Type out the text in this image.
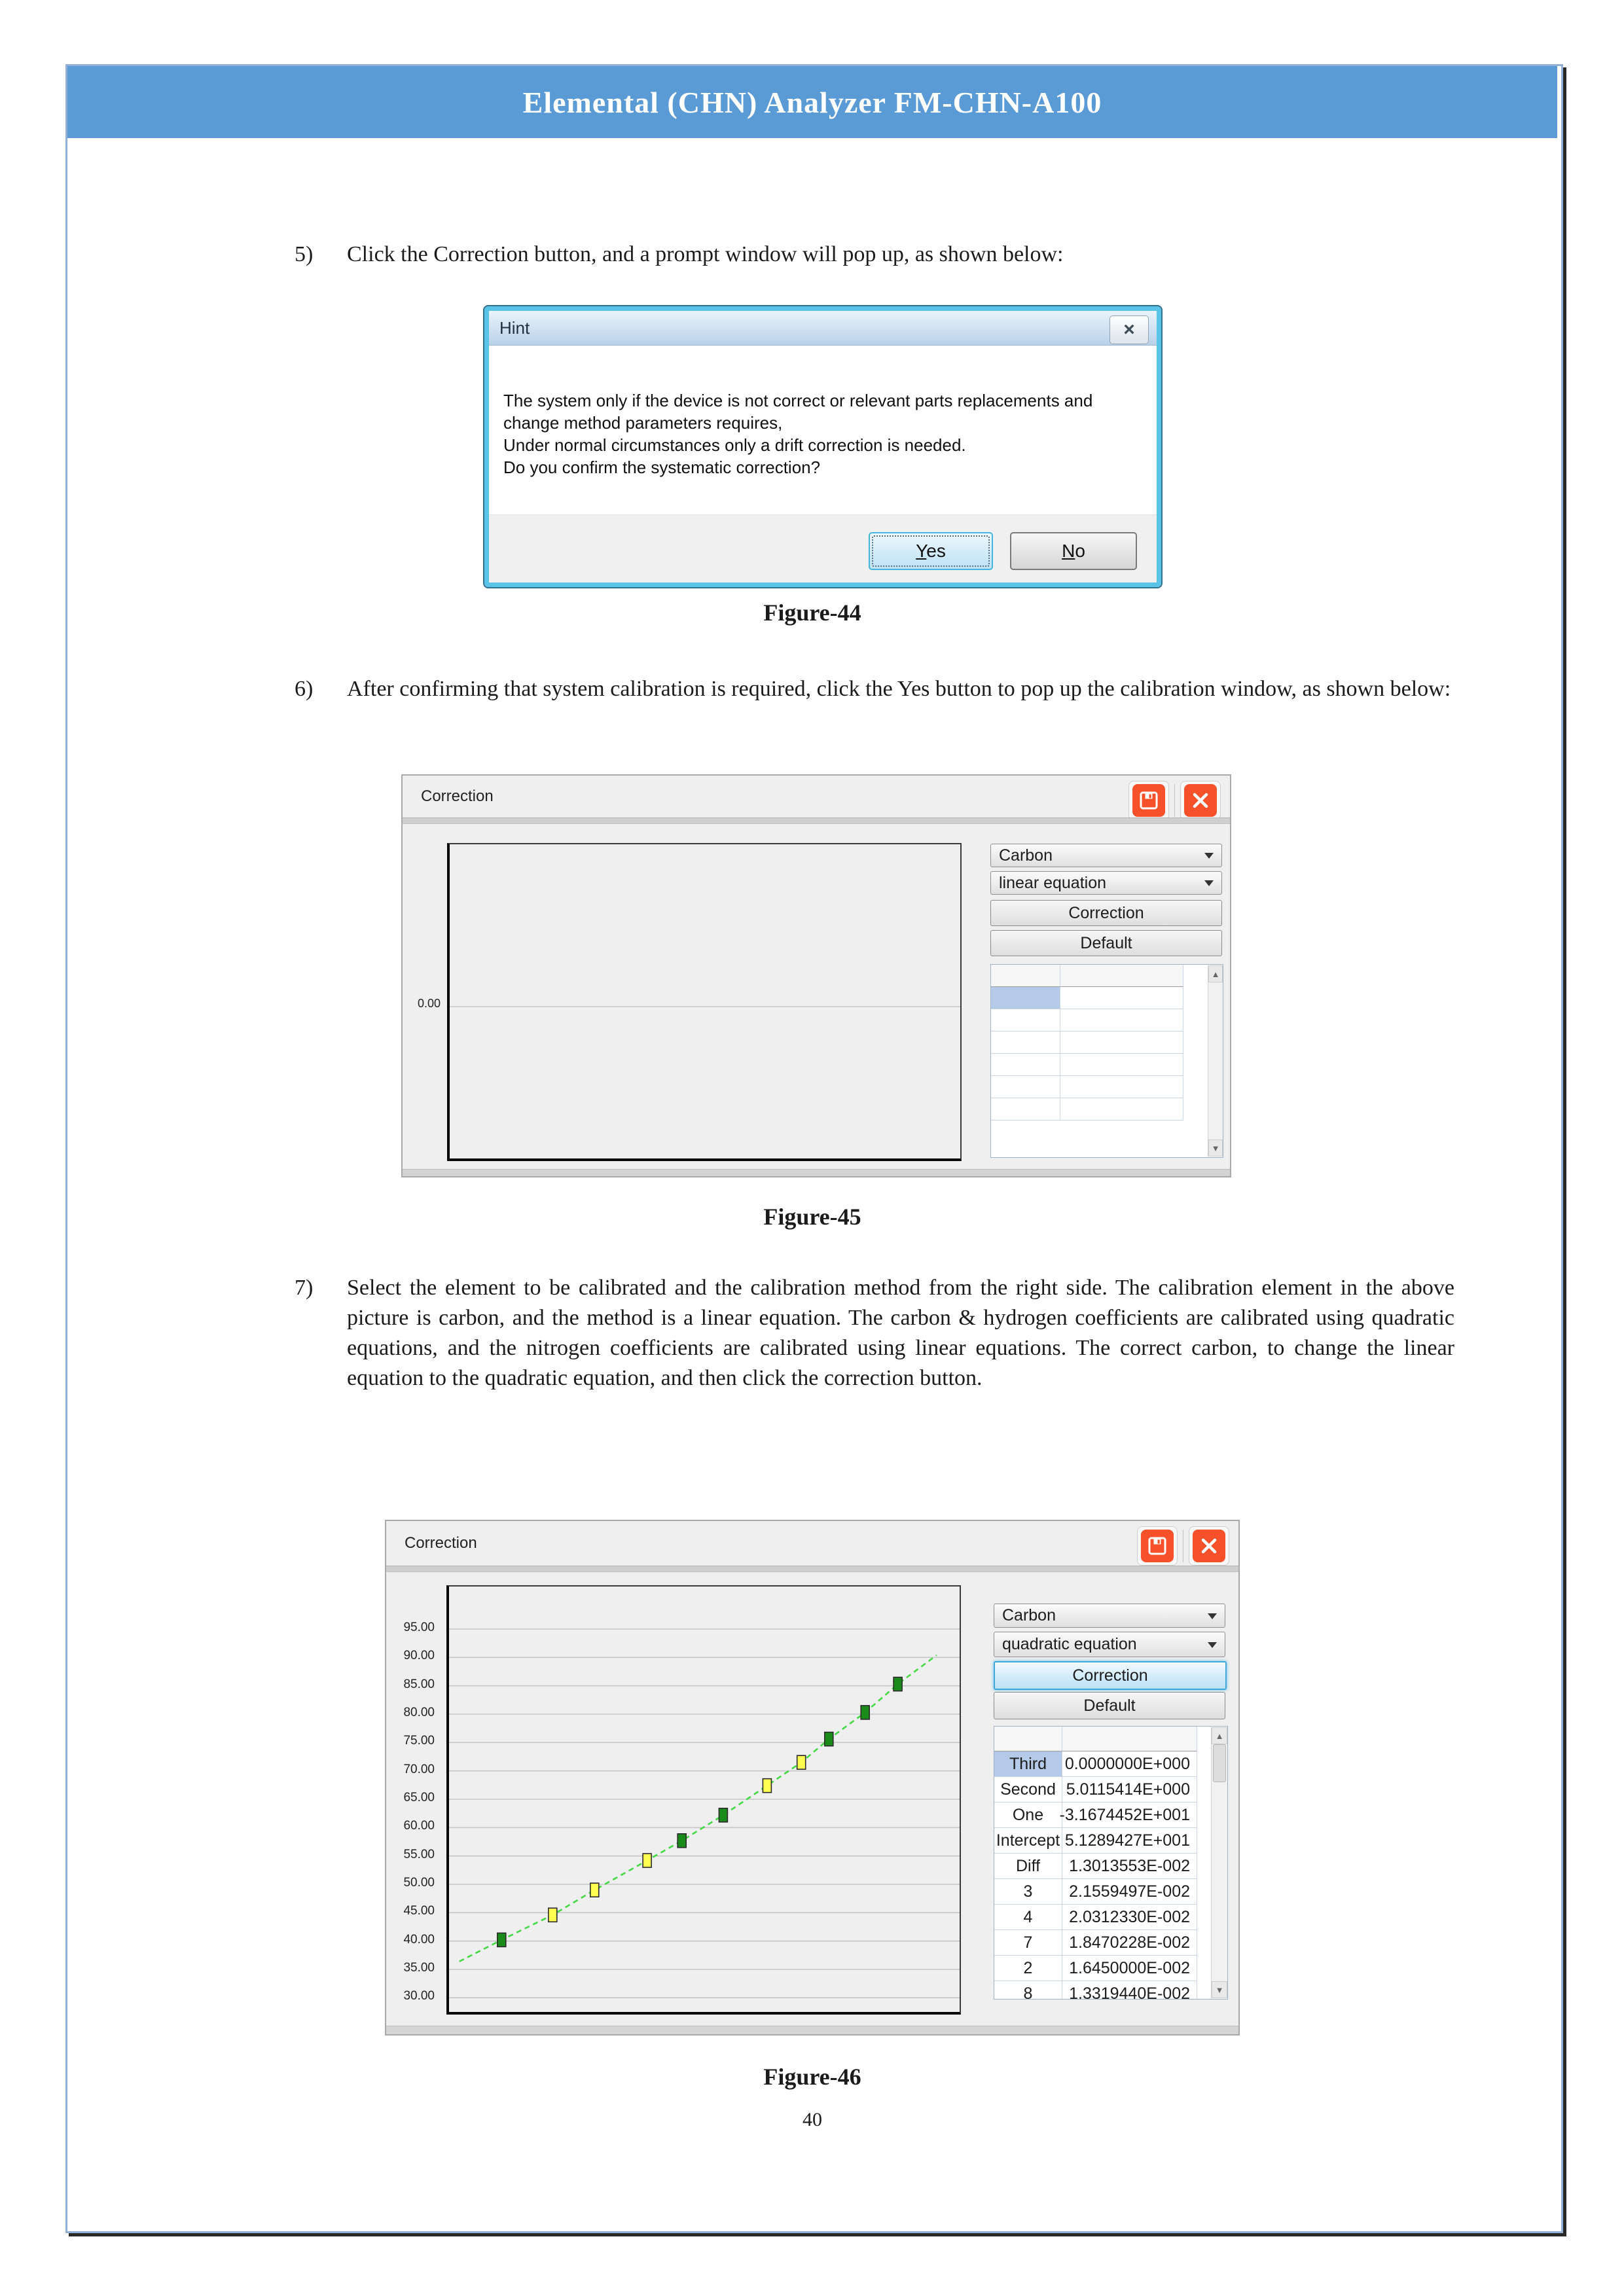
Elemental (CHN) Analyzer FM-CHN-A100
5)	Click the Correction button, and a prompt window will pop up, as shown below:
Hint	×
The system only if the device is not correct or relevant parts replacements and
change method parameters requires,
Under normal circumstances only a drift correction is needed.
Do you confirm the systematic correction?
Yes	No
Figure-44
6)	After confirming that system calibration is required, click the Yes button to pop up the calibration window, as shown below:
Correction
0.00
Carbon
linear equation
Correction
Default
▲
▼
Figure-45
7)	Select the element to be calibrated and the calibration method from the right side. The calibration element in the above picture is carbon, and the method is a linear equation. The carbon & hydrogen coefficients are calibrated using quadratic equations, and the nitrogen coefficients are calibrated using linear equations. The correct carbon, to change the linear equation to the quadratic equation, and then click the correction button.
Correction
95.00
90.00
85.00
80.00
75.00
70.00
65.00
60.00
55.00
50.00
45.00
40.00
35.00
30.00
Carbon
quadratic equation
Correction
Default
Third	0.0000000E+000
Second 5.0115414E+000
One -3.1674452E+001
Intercept 5.1289427E+001
Diff	1.3013553E-002
3	2.1559497E-002
4	2.0312330E-002
7	1.8470228E-002
2	1.6450000E-002
8	1.3319440E-002
▲
▼
Figure-46
40
